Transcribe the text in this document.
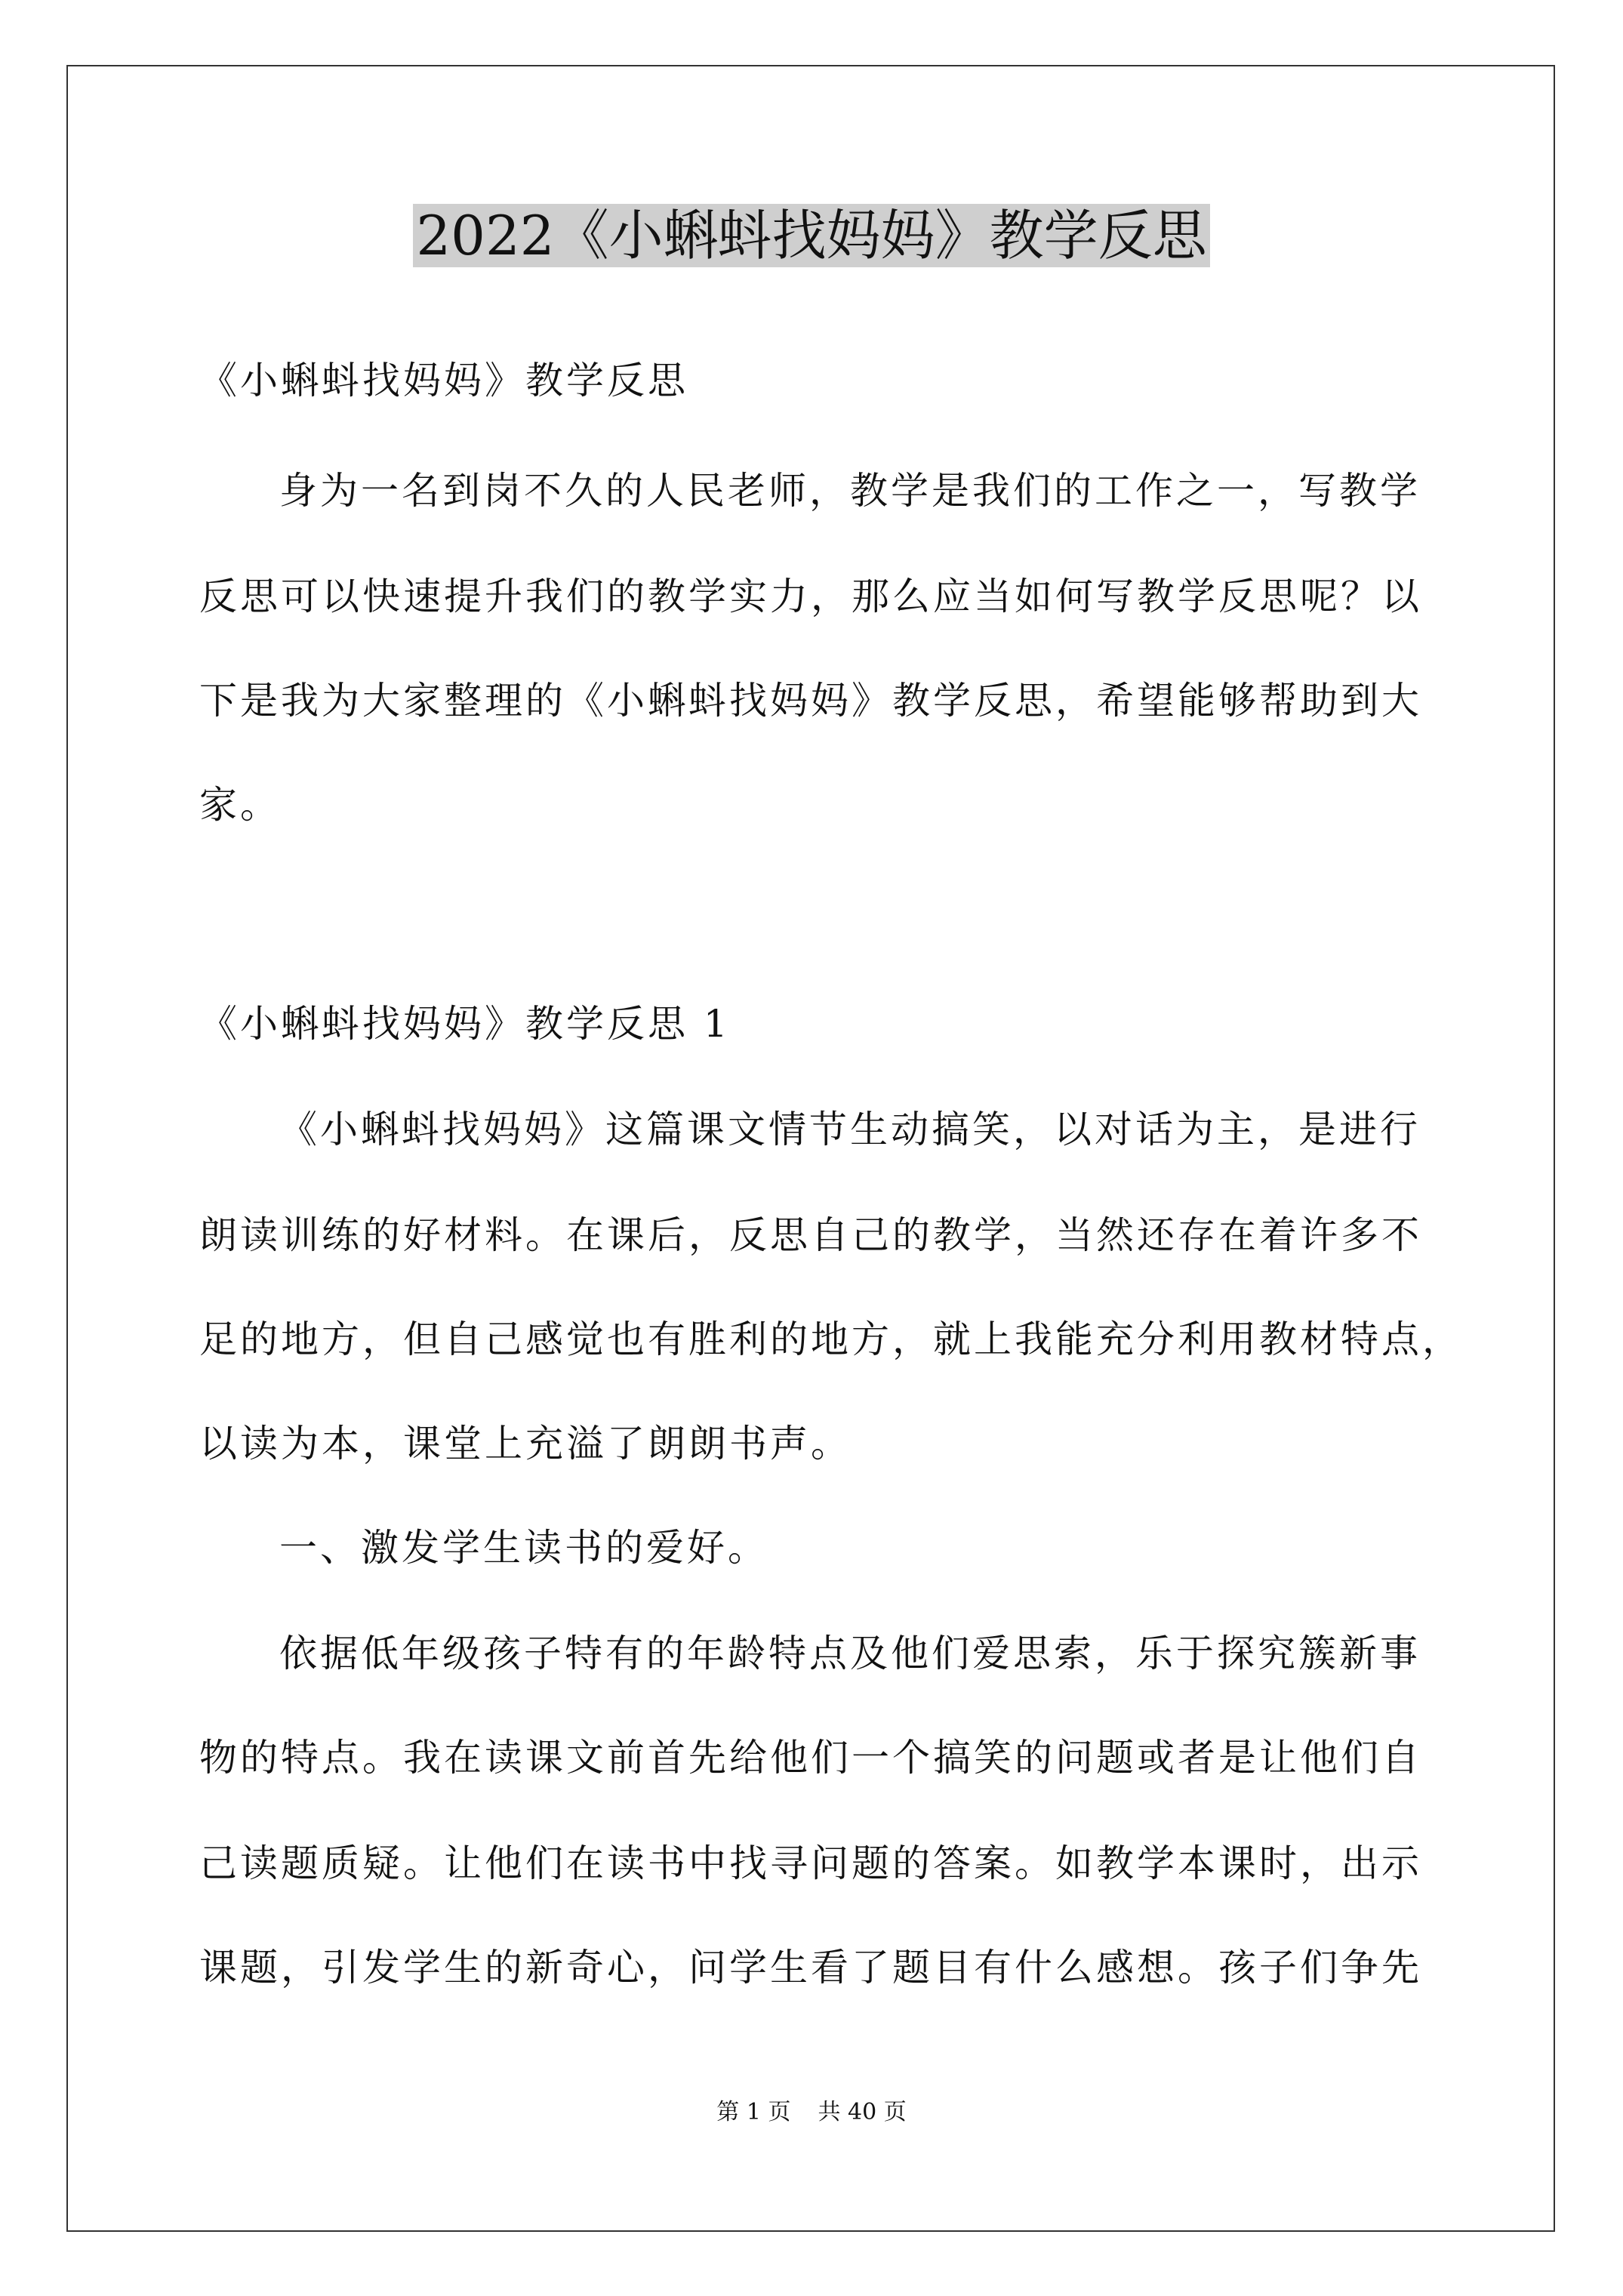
2022《小蝌蚪找妈妈》教学反思
《小蝌蚪找妈妈》教学反思
身为一名到岗不久的人民老师，教学是我们的工作之一，写教学
反思可以快速提升我们的教学实力，那么应当如何写教学反思呢？以
下是我为大家整理的《小蝌蚪找妈妈》教学反思，希望能够帮助到大
家。
《小蝌蚪找妈妈》教学反思 1
《小蝌蚪找妈妈》这篇课文情节生动搞笑，以对话为主，是进行
朗读训练的好材料。在课后，反思自己的教学，当然还存在着许多不
足的地方，但自己感觉也有胜利的地方，就上我能充分利用教材特点，
以读为本，课堂上充溢了朗朗书声。
一、激发学生读书的爱好。
依据低年级孩子特有的年龄特点及他们爱思索，乐于探究簇新事
物的特点。我在读课文前首先给他们一个搞笑的问题或者是让他们自
己读题质疑。让他们在读书中找寻问题的答案。如教学本课时，出示
课题，引发学生的新奇心，问学生看了题目有什么感想。孩子们争先
第 1 页 共 40 页
